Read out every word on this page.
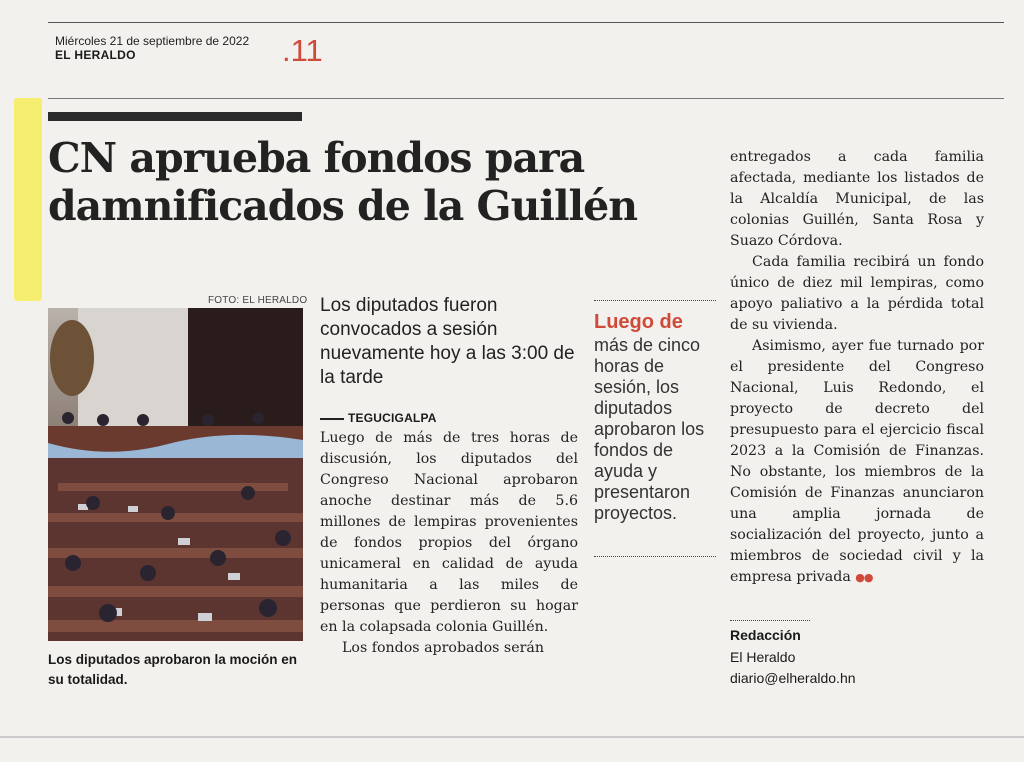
Miércoles 21 de septiembre de 2022
EL HERALDO	.11
CN aprueba fondos para damnificados de la Guillén
FOTO: EL HERALDO

Los diputados aprobaron la moción en su totalidad.

Los diputados fueron convocados a sesión nuevamente hoy a las 3:00 de la tarde

TEGUCIGALPA

Luego de más de tres horas de discusión, los diputados del Congreso Nacional aprobaron anoche destinar más de 5.6 millones de lempiras provenientes de fondos propios del órgano unicameral en calidad de ayuda humanitaria a las miles de personas que perdieron su hogar en la colapsada colonia Guillén.

Los fondos aprobados serán

Luego de

más de cinco horas de sesión, los diputados aprobaron los fondos de ayuda y presentaron proyectos.

entregados a cada familia afectada, mediante los listados de la Alcaldía Municipal, de las colonias Guillén, Santa Rosa y Suazo Córdova.

Cada familia recibirá un fondo único de diez mil lempiras, como apoyo paliativo a la pérdida total de su vivienda.

Asimismo, ayer fue turnado por el presidente del Congreso Nacional, Luis Redondo, el proyecto de decreto del presupuesto para el ejercicio fiscal 2023 a la Comisión de Finanzas. No obstante, los miembros de la Comisión de Finanzas anunciaron una amplia jornada de socialización del proyecto, junto a miembros de sociedad civil y la empresa privada ●●

Redacción
El Heraldo
diario@elheraldo.hn
